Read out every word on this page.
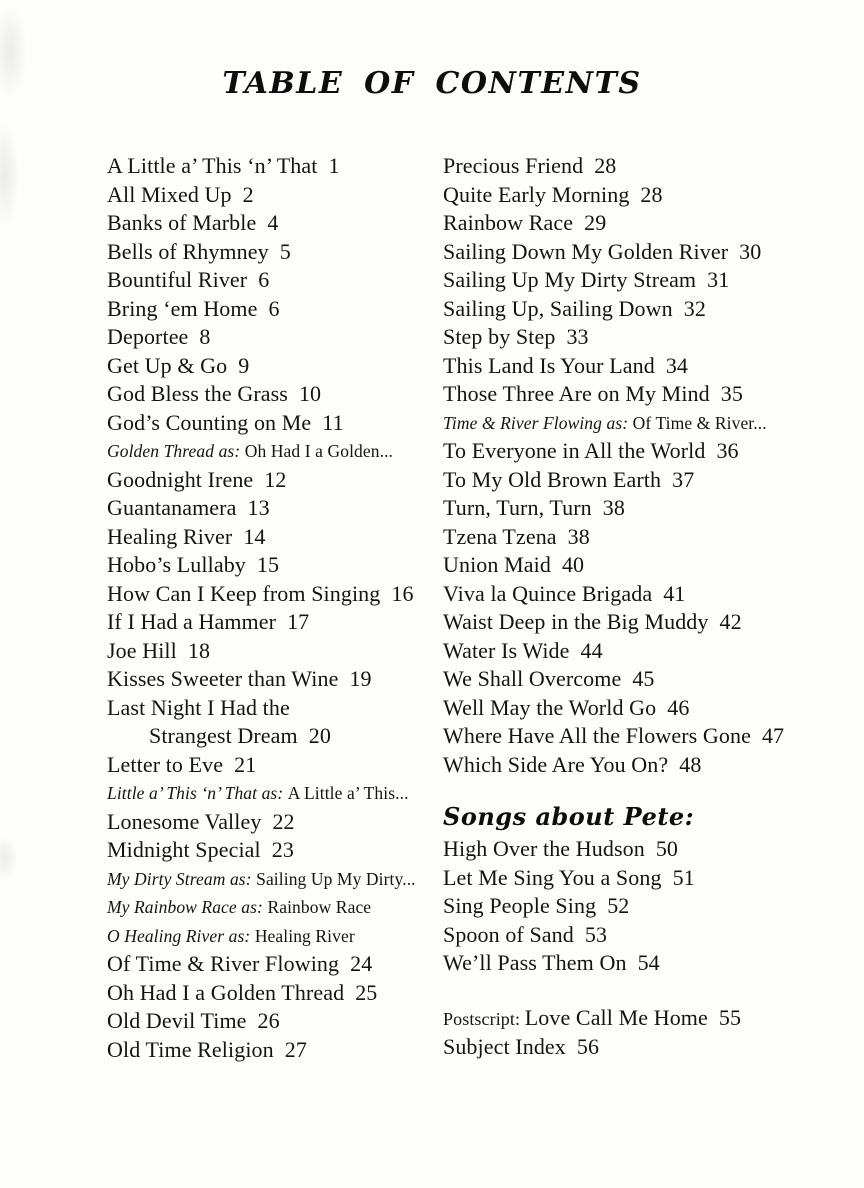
TABLE OF CONTENTS
A Little a’ This ‘n’ That 1
All Mixed Up 2
Banks of Marble 4
Bells of Rhymney 5
Bountiful River 6
Bring ‘em Home 6
Deportee 8
Get Up & Go 9
God Bless the Grass 10
God’s Counting on Me 11
Golden Thread as: Oh Had I a Golden...
Goodnight Irene 12
Guantanamera 13
Healing River 14
Hobo’s Lullaby 15
How Can I Keep from Singing 16
If I Had a Hammer 17
Joe Hill 18
Kisses Sweeter than Wine 19
Last Night I Had the
Strangest Dream 20
Letter to Eve 21
Little a’ This ‘n’ That as: A Little a’ This...
Lonesome Valley 22
Midnight Special 23
My Dirty Stream as: Sailing Up My Dirty...
My Rainbow Race as: Rainbow Race
O Healing River as: Healing River
Of Time & River Flowing 24
Oh Had I a Golden Thread 25
Old Devil Time 26
Old Time Religion 27
Precious Friend 28
Quite Early Morning 28
Rainbow Race 29
Sailing Down My Golden River 30
Sailing Up My Dirty Stream 31
Sailing Up, Sailing Down 32
Step by Step 33
This Land Is Your Land 34
Those Three Are on My Mind 35
Time & River Flowing as: Of Time & River...
To Everyone in All the World 36
To My Old Brown Earth 37
Turn, Turn, Turn 38
Tzena Tzena 38
Union Maid 40
Viva la Quince Brigada 41
Waist Deep in the Big Muddy 42
Water Is Wide 44
We Shall Overcome 45
Well May the World Go 46
Where Have All the Flowers Gone 47
Which Side Are You On? 48
Songs about Pete:
High Over the Hudson 50
Let Me Sing You a Song 51
Sing People Sing 52
Spoon of Sand 53
We’ll Pass Them On 54
Postscript: Love Call Me Home 55
Subject Index 56
